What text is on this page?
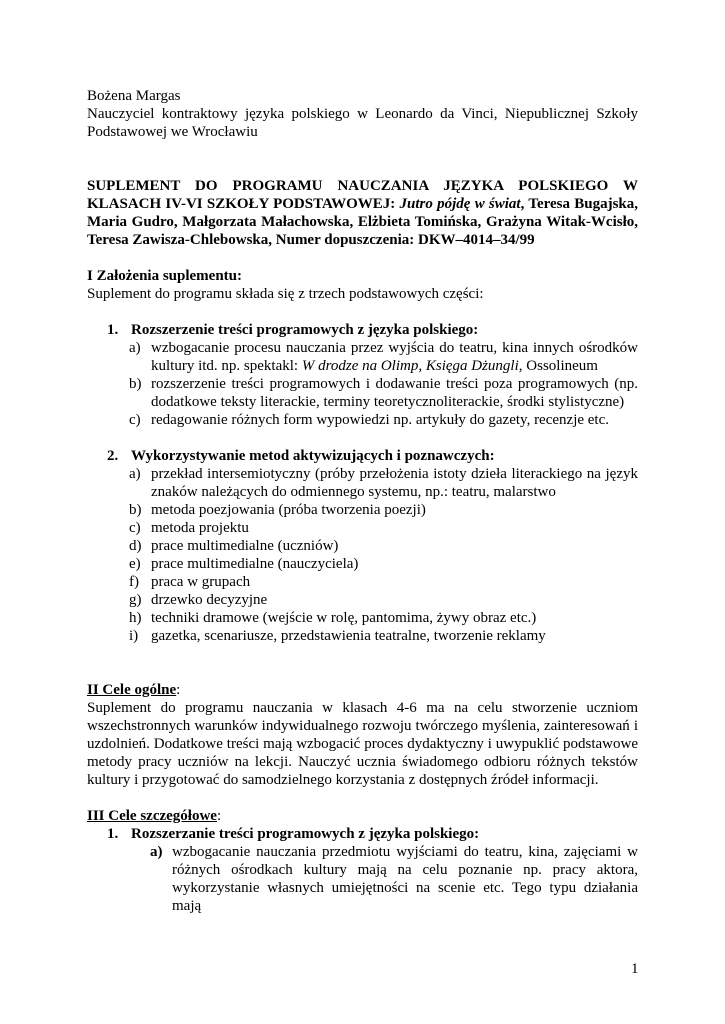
Bożena Margas

Nauczyciel kontraktowy języka polskiego w Leonardo da Vinci, Niepublicznej Szkoły Podstawowej we Wrocławiu

SUPLEMENT DO PROGRAMU NAUCZANIA JĘZYKA POLSKIEGO W KLASACH IV-VI SZKOŁY PODSTAWOWEJ: Jutro pójdę w świat, Teresa Bugajska, Maria Gudro, Małgorzata Małachowska, Elżbieta Tomińska, Grażyna Witak-Wcisło, Teresa Zawisza-Chlebowska, Numer dopuszczenia: DKW–4014–34/99

I Założenia suplementu:

Suplement do programu składa się z trzech podstawowych części:

1. Rozszerzenie treści programowych z języka polskiego:
a) wzbogacanie procesu nauczania przez wyjścia do teatru, kina innych ośrodków kultury itd. np. spektakl: W drodze na Olimp, Księga Dżungli, Ossolineum
b) rozszerzenie treści programowych i dodawanie treści poza programowych (np. dodatkowe teksty literackie, terminy teoretycznoliterackie, środki stylistyczne)
c) redagowanie różnych form wypowiedzi np. artykuły do gazety, recenzje etc.
2. Wykorzystywanie metod aktywizujących i poznawczych:
a) przekład intersemiotyczny (próby przełożenia istoty dzieła literackiego na język znaków należących do odmiennego systemu, np.: teatru, malarstwo
b) metoda poezjowania (próba tworzenia poezji)
c) metoda projektu
d) prace multimedialne (uczniów)
e) prace multimedialne (nauczyciela)
f) praca w grupach
g) drzewko decyzyjne
h) techniki dramowe (wejście w rolę, pantomima, żywy obraz etc.)
i) gazetka, scenariusze, przedstawienia teatralne, tworzenie reklamy

II Cele ogólne:

Suplement do programu nauczania w klasach 4-6 ma na celu stworzenie uczniom wszechstronnych warunków indywidualnego rozwoju twórczego myślenia, zainteresowań i uzdolnień. Dodatkowe treści mają wzbogacić proces dydaktyczny i uwypuklić podstawowe metody pracy uczniów na lekcji. Nauczyć ucznia świadomego odbioru różnych tekstów kultury i przygotować do samodzielnego korzystania z dostępnych źródeł informacji.

III Cele szczegółowe:

1. Rozszerzanie treści programowych z języka polskiego:
a) wzbogacanie nauczania przedmiotu wyjściami do teatru, kina, zajęciami w różnych ośrodkach kultury mają na celu poznanie np. pracy aktora, wykorzystanie własnych umiejętności na scenie etc. Tego typu działania mają
1
